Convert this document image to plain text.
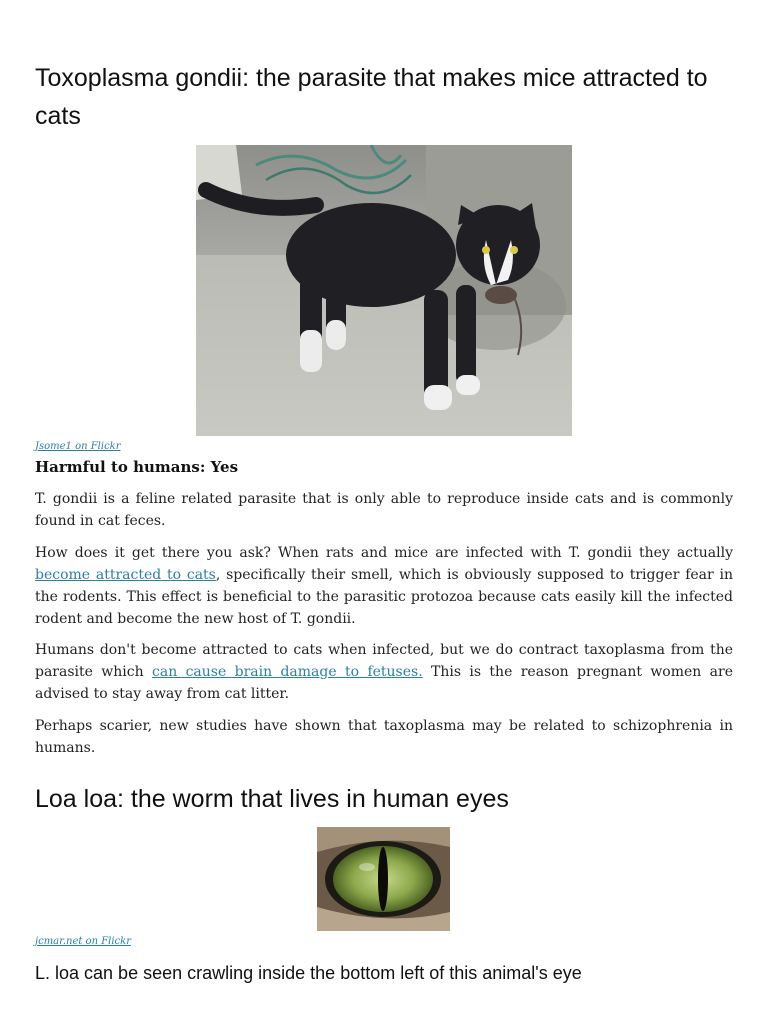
Toxoplasma gondii: the parasite that makes mice attracted to cats
Jsome1 on Flickr
Harmful to humans: Yes

T. gondii is a feline related parasite that is only able to reproduce inside cats and is commonly found in cat feces.

How does it get there you ask? When rats and mice are infected with T. gondii they actually become attracted to cats, specifically their smell, which is obviously supposed to trigger fear in the rodents. This effect is beneficial to the parasitic protozoa because cats easily kill the infected rodent and become the new host of T. gondii.

Humans don't become attracted to cats when infected, but we do contract taxoplasma from the parasite which can cause brain damage to fetuses. This is the reason pregnant women are advised to stay away from cat litter.

Perhaps scarier, new studies have shown that taxoplasma may be related to schizophrenia in humans.

Loa loa: the worm that lives in human eyes
jcmar.net on Flickr
L. loa can be seen crawling inside the bottom left of this animal's eye
